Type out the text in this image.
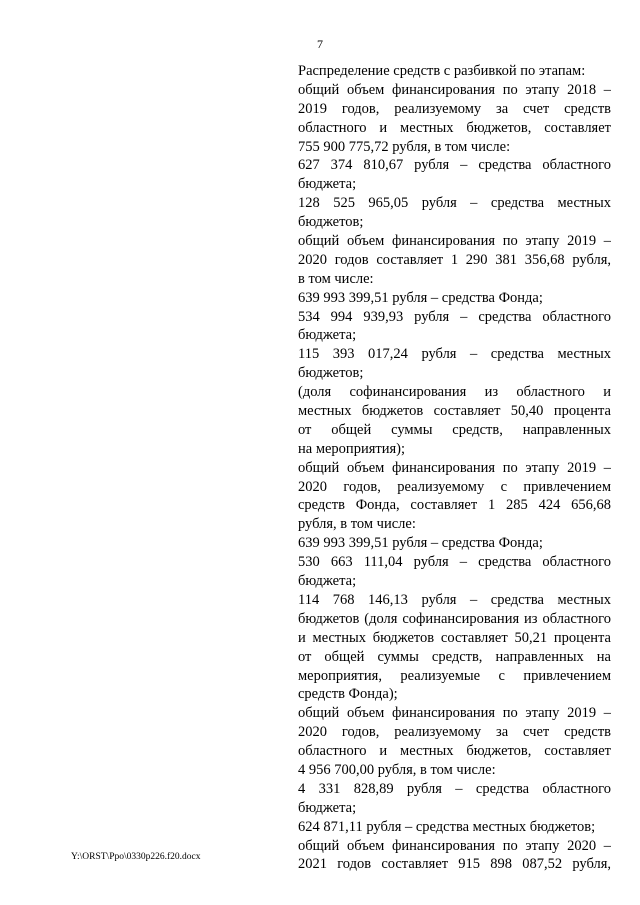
7
Распределение средств с разбивкой по этапам:
общий объем финансирования по этапу 2018 –
2019 годов, реализуемому за счет средств
областного и местных бюджетов, составляет
755 900 775,72 рубля, в том числе:
627 374 810,67 рубля – средства областного
бюджета;
128 525 965,05 рубля – средства местных
бюджетов;
общий объем финансирования по этапу 2019 –
2020 годов составляет 1 290 381 356,68 рубля,
в том числе:
639 993 399,51 рубля – средства Фонда;
534 994 939,93 рубля – средства областного
бюджета;
115 393 017,24 рубля – средства местных
бюджетов;
(доля софинансирования из областного и
местных бюджетов составляет 50,40 процента
от общей суммы средств, направленных
на мероприятия);
общий объем финансирования по этапу 2019 –
2020 годов, реализуемому с привлечением
средств Фонда, составляет 1 285 424 656,68
рубля, в том числе:
639 993 399,51 рубля – средства Фонда;
530 663 111,04 рубля – средства областного
бюджета;
114 768 146,13 рубля – средства местных
бюджетов (доля софинансирования из областного
и местных бюджетов составляет 50,21 процента
от общей суммы средств, направленных на
мероприятия, реализуемые с привлечением
средств Фонда);
общий объем финансирования по этапу 2019 –
2020 годов, реализуемому за счет средств
областного и местных бюджетов, составляет
4 956 700,00 рубля, в том числе:
4 331 828,89 рубля – средства областного
бюджета;
624 871,11 рубля – средства местных бюджетов;
общий объем финансирования по этапу 2020 –
2021 годов составляет 915 898 087,52 рубля,
Y:\ORST\Ppo\0330p226.f20.docx
